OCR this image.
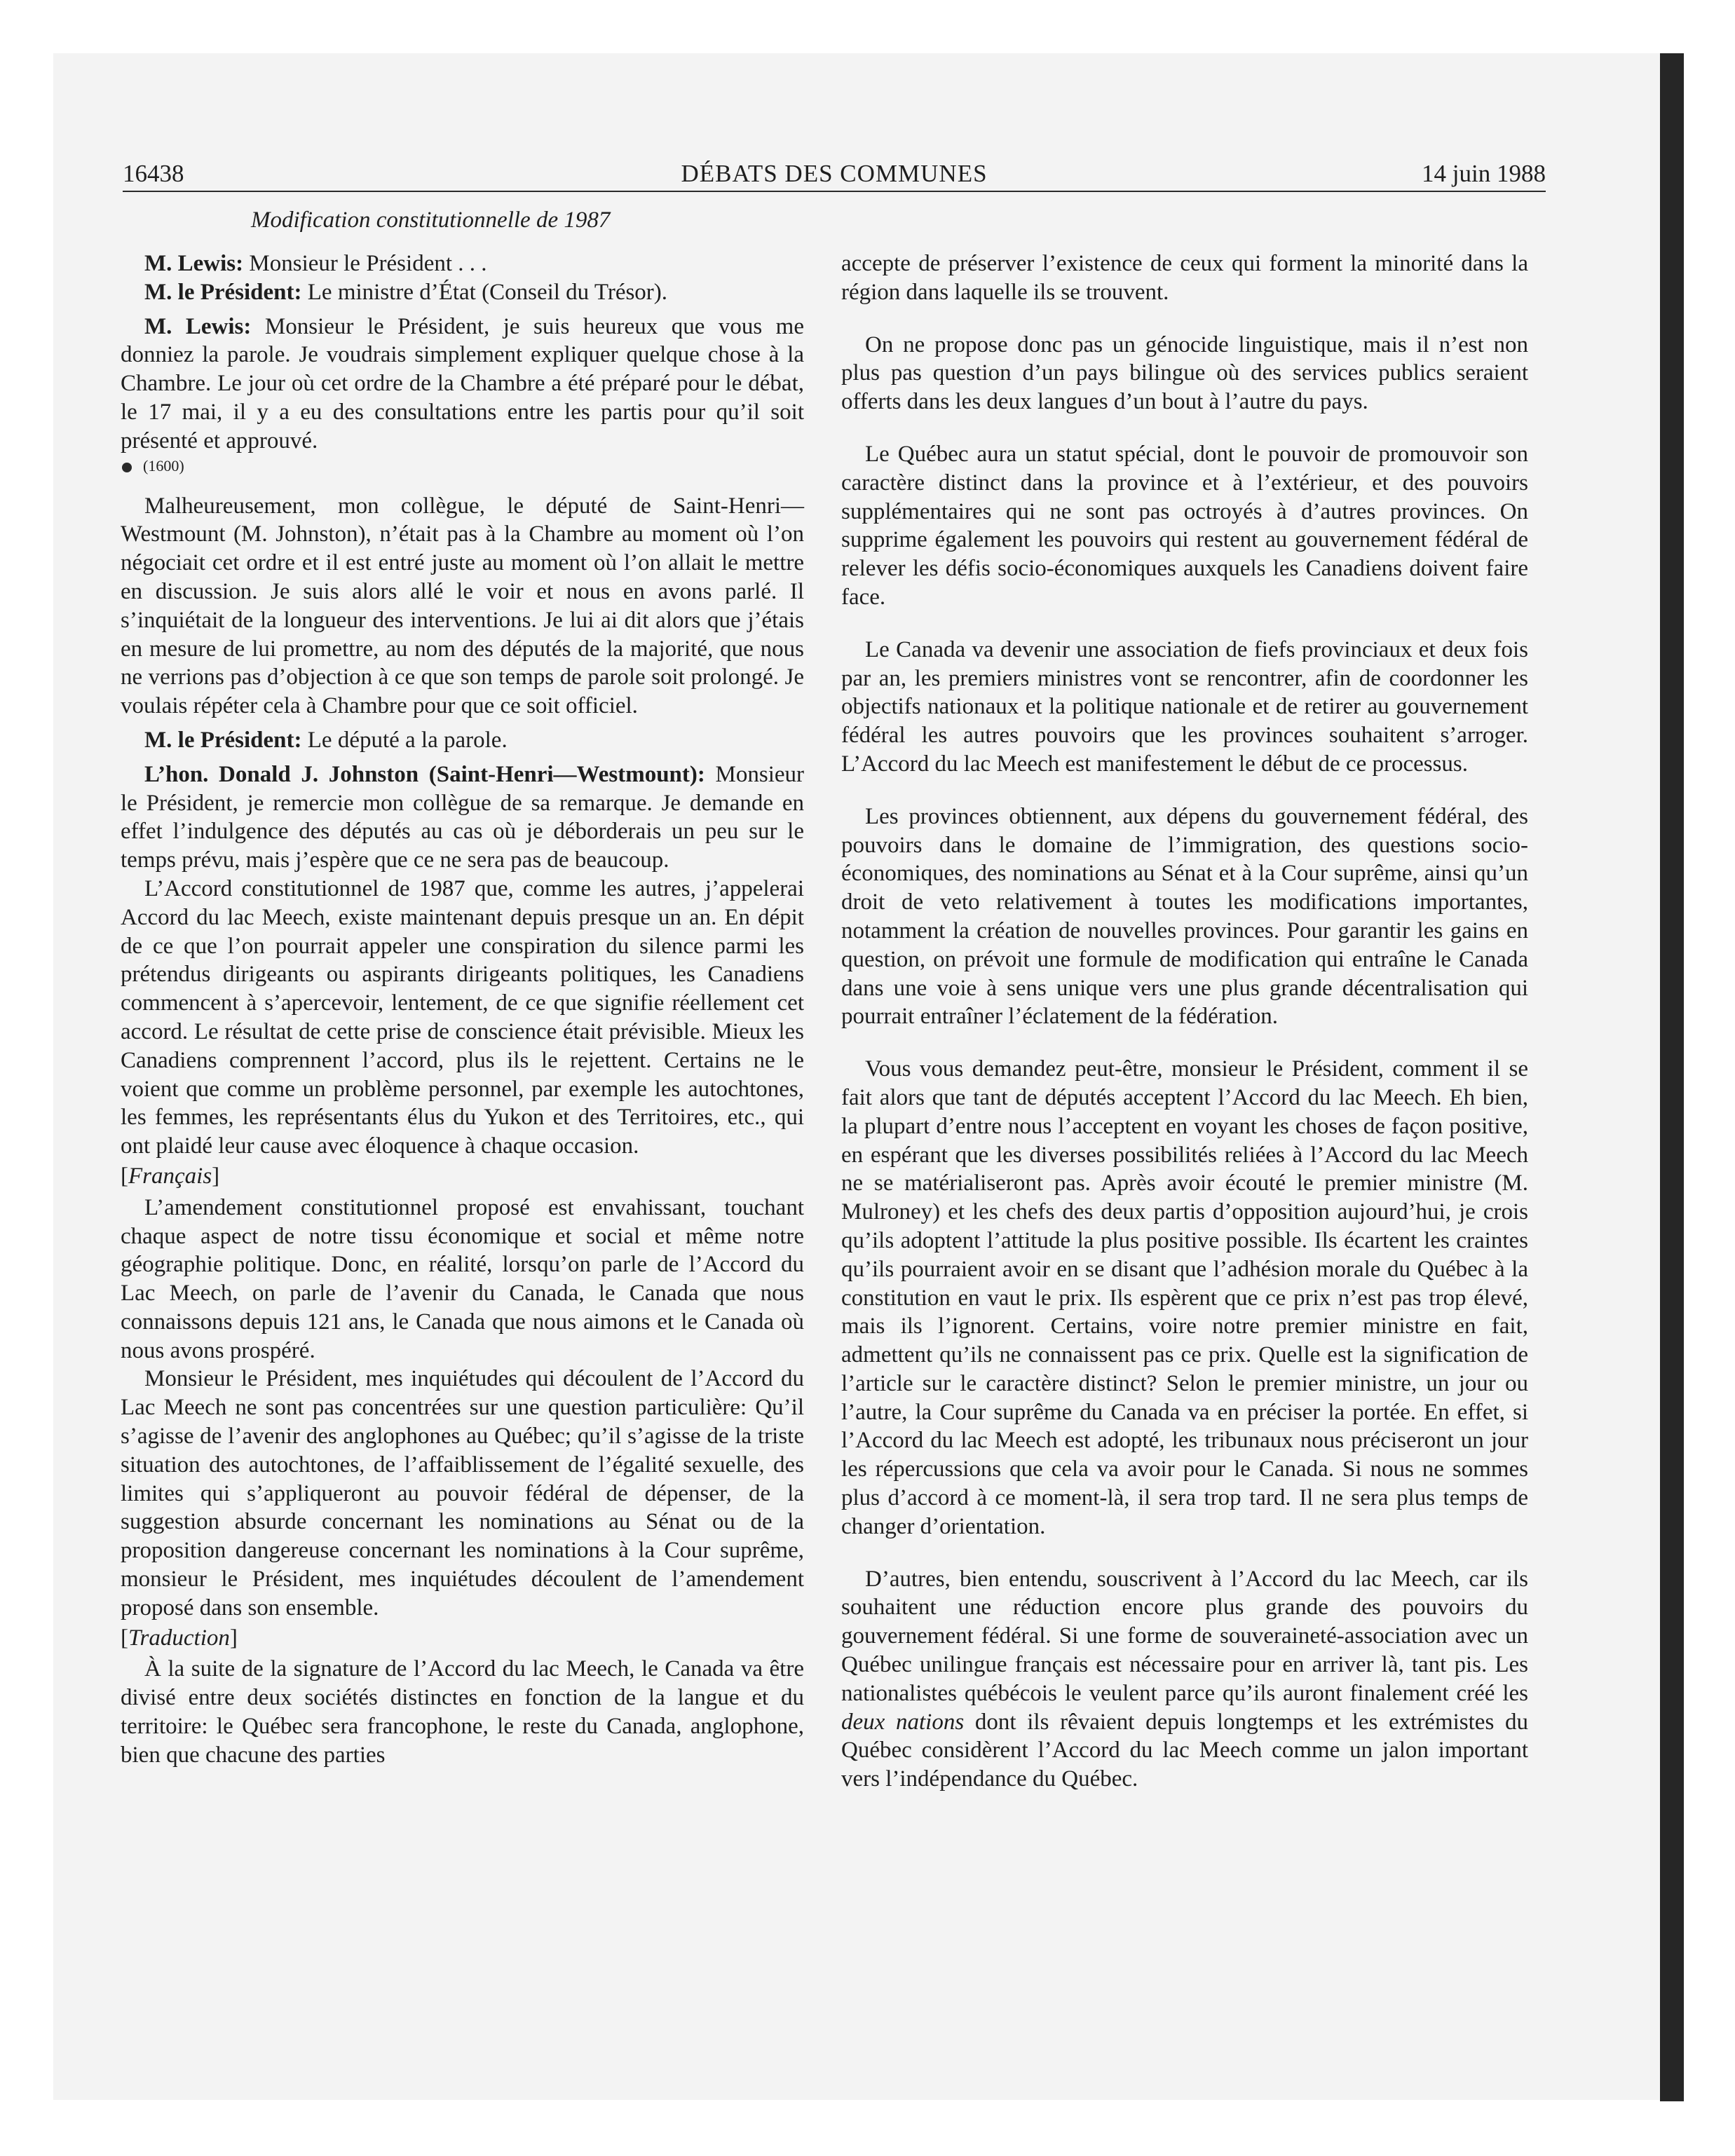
16438	DÉBATS DES COMMUNES	14 juin 1988
Modification constitutionnelle de 1987

M. Lewis: Monsieur le Président . . .

M. le Président: Le ministre d’État (Conseil du Trésor).

M. Lewis: Monsieur le Président, je suis heureux que vous me donniez la parole. Je voudrais simplement expliquer quelque chose à la Chambre. Le jour où cet ordre de la Chambre a été préparé pour le débat, le 17 mai, il y a eu des consultations entre les partis pour qu’il soit présenté et approuvé.

(1600)

Malheureusement, mon collègue, le député de Saint-Henri—Westmount (M. Johnston), n’était pas à la Chambre au moment où l’on négociait cet ordre et il est entré juste au moment où l’on allait le mettre en discussion. Je suis alors allé le voir et nous en avons parlé. Il s’inquiétait de la longueur des interventions. Je lui ai dit alors que j’étais en mesure de lui promettre, au nom des députés de la majorité, que nous ne verrions pas d’objection à ce que son temps de parole soit prolongé. Je voulais répéter cela à Chambre pour que ce soit officiel.

M. le Président: Le député a la parole.

L’hon. Donald J. Johnston (Saint-Henri—Westmount): Monsieur le Président, je remercie mon collègue de sa remarque. Je demande en effet l’indulgence des députés au cas où je déborderais un peu sur le temps prévu, mais j’espère que ce ne sera pas de beaucoup.

L’Accord constitutionnel de 1987 que, comme les autres, j’appelerai Accord du lac Meech, existe maintenant depuis presque un an. En dépit de ce que l’on pourrait appeler une conspiration du silence parmi les prétendus dirigeants ou aspirants dirigeants politiques, les Canadiens commencent à s’apercevoir, lentement, de ce que signifie réellement cet accord. Le résultat de cette prise de conscience était prévisible. Mieux les Canadiens comprennent l’accord, plus ils le rejettent. Certains ne le voient que comme un problème personnel, par exemple les autochtones, les femmes, les représentants élus du Yukon et des Territoires, etc., qui ont plaidé leur cause avec éloquence à chaque occasion.

[Français]

L’amendement constitutionnel proposé est envahissant, touchant chaque aspect de notre tissu économique et social et même notre géographie politique. Donc, en réalité, lorsqu’on parle de l’Accord du Lac Meech, on parle de l’avenir du Canada, le Canada que nous connaissons depuis 121 ans, le Canada que nous aimons et le Canada où nous avons prospéré.

Monsieur le Président, mes inquiétudes qui découlent de l’Accord du Lac Meech ne sont pas concentrées sur une question particulière: Qu’il s’agisse de l’avenir des anglophones au Québec; qu’il s’agisse de la triste situation des autochtones, de l’affaiblissement de l’égalité sexuelle, des limites qui s’appliqueront au pouvoir fédéral de dépenser, de la suggestion absurde concernant les nominations au Sénat ou de la proposition dangereuse concernant les nominations à la Cour suprême, monsieur le Président, mes inquiétudes découlent de l’amendement proposé dans son ensemble.

[Traduction]

À la suite de la signature de l’Accord du lac Meech, le Canada va être divisé entre deux sociétés distinctes en fonction de la langue et du territoire: le Québec sera francophone, le reste du Canada, anglophone, bien que chacune des parties

accepte de préserver l’existence de ceux qui forment la minorité dans la région dans laquelle ils se trouvent.

On ne propose donc pas un génocide linguistique, mais il n’est non plus pas question d’un pays bilingue où des services publics seraient offerts dans les deux langues d’un bout à l’autre du pays.

Le Québec aura un statut spécial, dont le pouvoir de promouvoir son caractère distinct dans la province et à l’extérieur, et des pouvoirs supplémentaires qui ne sont pas octroyés à d’autres provinces. On supprime également les pouvoirs qui restent au gouvernement fédéral de relever les défis socio-économiques auxquels les Canadiens doivent faire face.

Le Canada va devenir une association de fiefs provinciaux et deux fois par an, les premiers ministres vont se rencontrer, afin de coordonner les objectifs nationaux et la politique nationale et de retirer au gouvernement fédéral les autres pouvoirs que les provinces souhaitent s’arroger. L’Accord du lac Meech est manifestement le début de ce processus.

Les provinces obtiennent, aux dépens du gouvernement fédéral, des pouvoirs dans le domaine de l’immigration, des questions socio-économiques, des nominations au Sénat et à la Cour suprême, ainsi qu’un droit de veto relativement à toutes les modifications importantes, notamment la création de nouvelles provinces. Pour garantir les gains en question, on prévoit une formule de modification qui entraîne le Canada dans une voie à sens unique vers une plus grande décentralisation qui pourrait entraîner l’éclatement de la fédération.

Vous vous demandez peut-être, monsieur le Président, comment il se fait alors que tant de députés acceptent l’Accord du lac Meech. Eh bien, la plupart d’entre nous l’acceptent en voyant les choses de façon positive, en espérant que les diverses possibilités reliées à l’Accord du lac Meech ne se matérialiseront pas. Après avoir écouté le premier ministre (M. Mulroney) et les chefs des deux partis d’opposition aujourd’hui, je crois qu’ils adoptent l’attitude la plus positive possible. Ils écartent les craintes qu’ils pourraient avoir en se disant que l’adhésion morale du Québec à la constitution en vaut le prix. Ils espèrent que ce prix n’est pas trop élevé, mais ils l’ignorent. Certains, voire notre premier ministre en fait, admettent qu’ils ne connaissent pas ce prix. Quelle est la signification de l’article sur le caractère distinct? Selon le premier ministre, un jour ou l’autre, la Cour suprême du Canada va en préciser la portée. En effet, si l’Accord du lac Meech est adopté, les tribunaux nous préciseront un jour les répercussions que cela va avoir pour le Canada. Si nous ne sommes plus d’accord à ce moment-là, il sera trop tard. Il ne sera plus temps de changer d’orientation.

D’autres, bien entendu, souscrivent à l’Accord du lac Meech, car ils souhaitent une réduction encore plus grande des pouvoirs du gouvernement fédéral. Si une forme de souveraineté-association avec un Québec unilingue français est nécessaire pour en arriver là, tant pis. Les nationalistes québécois le veulent parce qu’ils auront finalement créé les deux nations dont ils rêvaient depuis longtemps et les extrémistes du Québec considèrent l’Accord du lac Meech comme un jalon important vers l’indépendance du Québec.
